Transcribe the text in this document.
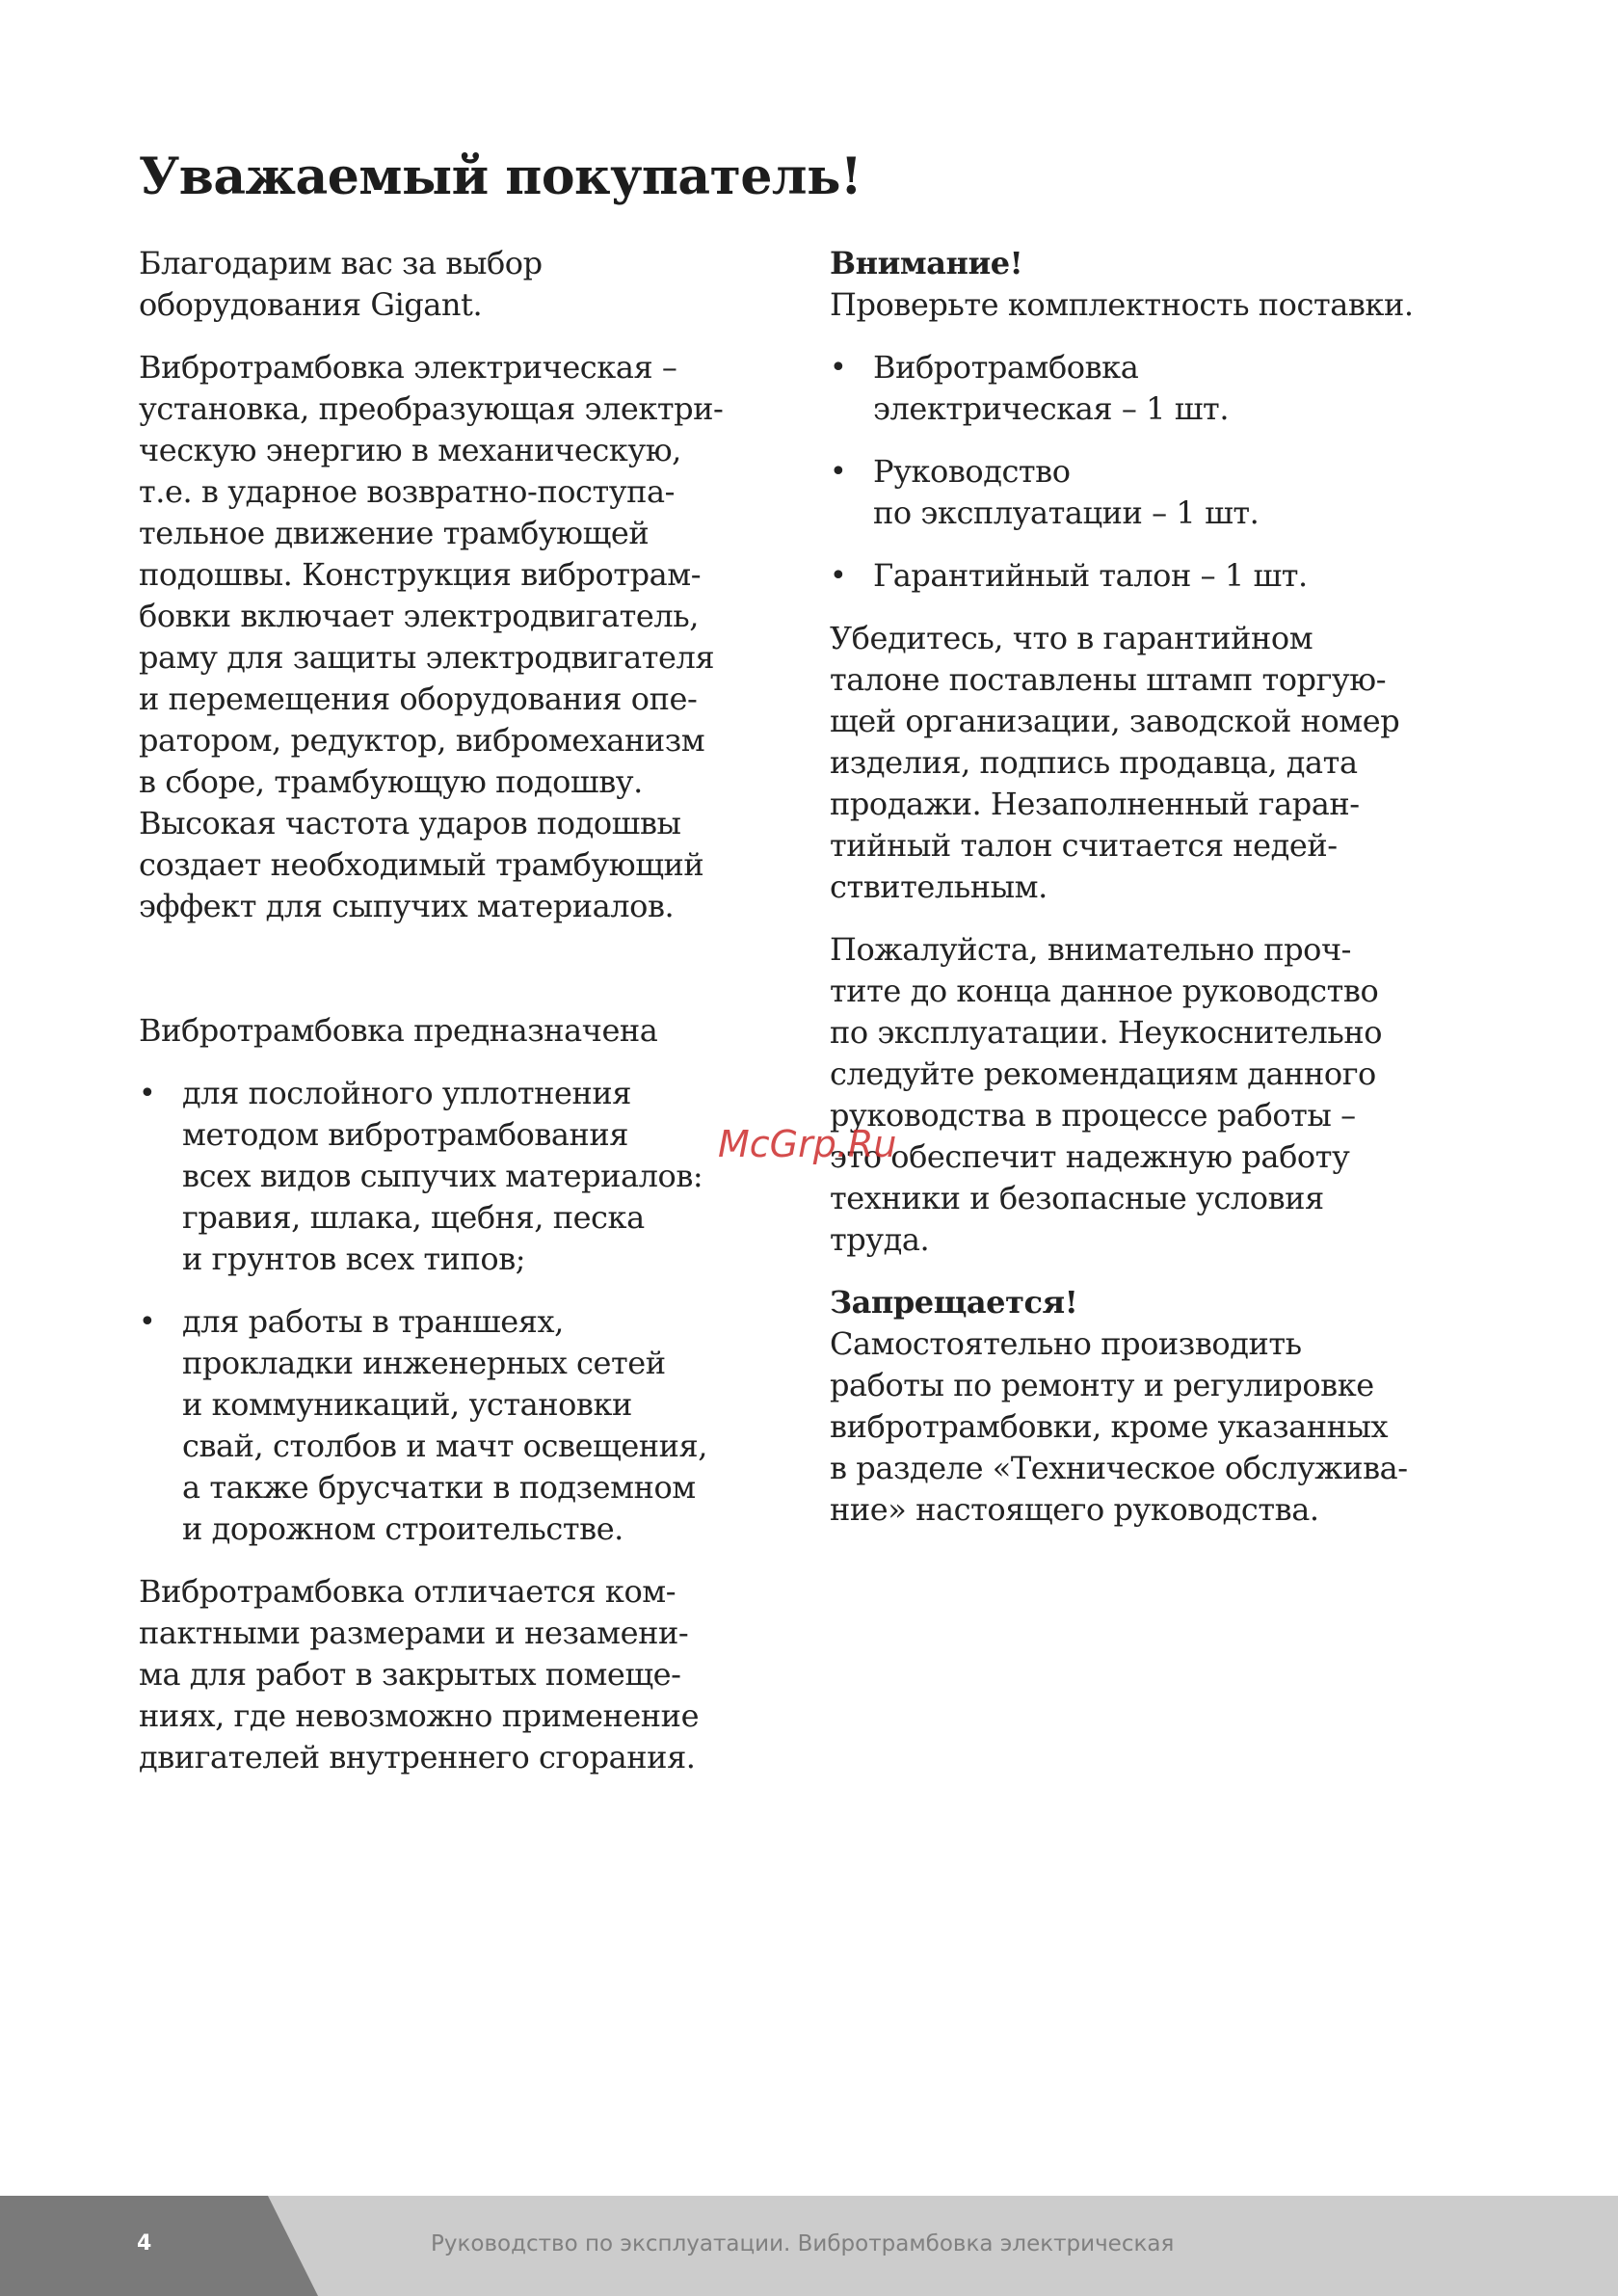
Уважаемый покупатель!

Благодарим вас за выбор
оборудования Gigant.

Вибротрамбовка электрическая –
установка, преобразующая электри-
ческую энергию в механическую,
т.е. в ударное возвратно-поступа-
тельное движение трамбующей
подошвы. Конструкция вибротрам-
бовки включает электродвигатель,
раму для защиты электродвигателя
и перемещения оборудования опе-
ратором, редуктор, вибромеханизм
в сборе, трамбующую подошву.
Высокая частота ударов подошвы
создает необходимый трамбующий
эффект для сыпучих материалов.

Вибротрамбовка предназначена

• для послойного уплотнения
методом вибротрамбования
всех видов сыпучих материалов:
гравия, шлака, щебня, песка
и грунтов всех типов;
• для работы в траншеях,
прокладки инженерных сетей
и коммуникаций, установки
свай, столбов и мачт освещения,
а также брусчатки в подземном
и дорожном строительстве.

Вибротрамбовка отличается ком-
пактными размерами и незамени-
ма для работ в закрытых помеще-
ниях, где невозможно применение
двигателей внутреннего сгорания.

Внимание!
Проверьте комплектность поставки.

• Вибротрамбовка
электрическая – 1 шт.
• Руководство
по эксплуатации – 1 шт.
• Гарантийный талон – 1 шт.

Убедитесь, что в гарантийном
талоне поставлены штамп торгую-
щей организации, заводской номер
изделия, подпись продавца, дата
продажи. Незаполненный гаран-
тийный талон считается недей-
ствительным.

Пожалуйста, внимательно проч-
тите до конца данное руководство
по эксплуатации. Неукоснительно
следуйте рекомендациям данного
руководства в процессе работы –
это обеспечит надежную работу
техники и безопасные условия
труда.

Запрещается!
Самостоятельно производить
работы по ремонту и регулировке
вибротрамбовки, кроме указанных
в разделе «Техническое обслужива-
ние» настоящего руководства.

McGrp.Ru
4	Руководство по эксплуатации. Вибротрамбовка электрическая
